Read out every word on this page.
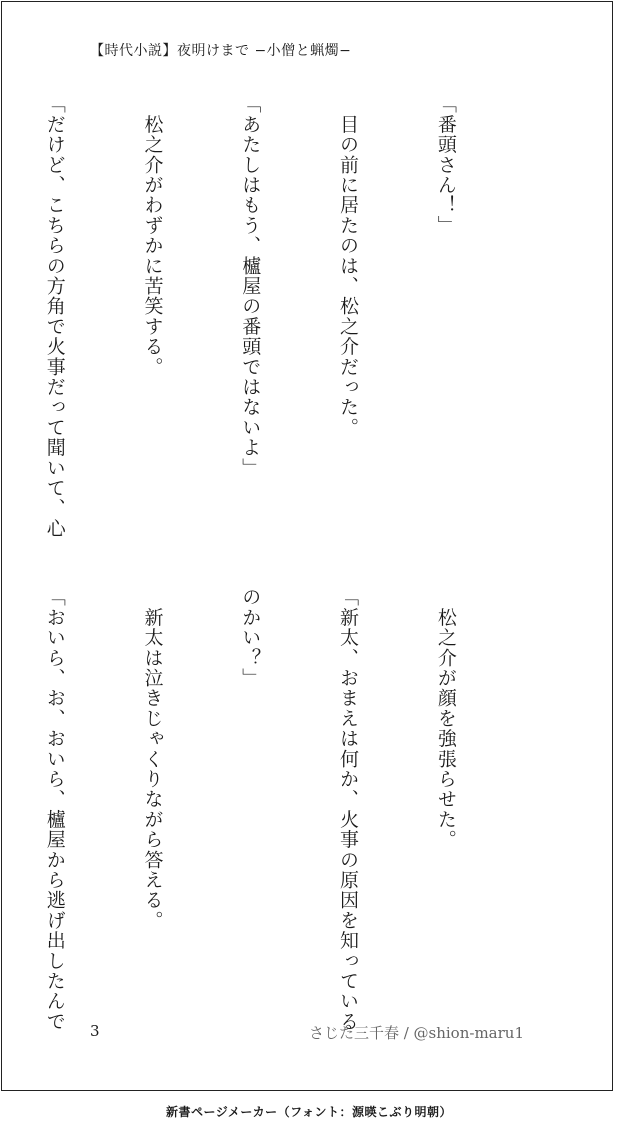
【時代小説】夜明けまで −小僧と蝋燭−

「番頭さん！」

　目の前に居たのは、松之介だった。

「あたしはもう、櫨屋の番頭ではないよ」

　松之介がわずかに苦笑する。

「だけど、こちらの方角で火事だって聞いて、心

　松之介が顔を強張らせた。

「新太、おまえは何か、火事の原因を知っている

のかい？」

　新太は泣きじゃくりながら答える。

「おいら、お、おいら、櫨屋から逃げ出したんで

	3	さじた三千春 / @shion-maru1
新書ページメーカー（フォント：源暎こぶり明朝）
